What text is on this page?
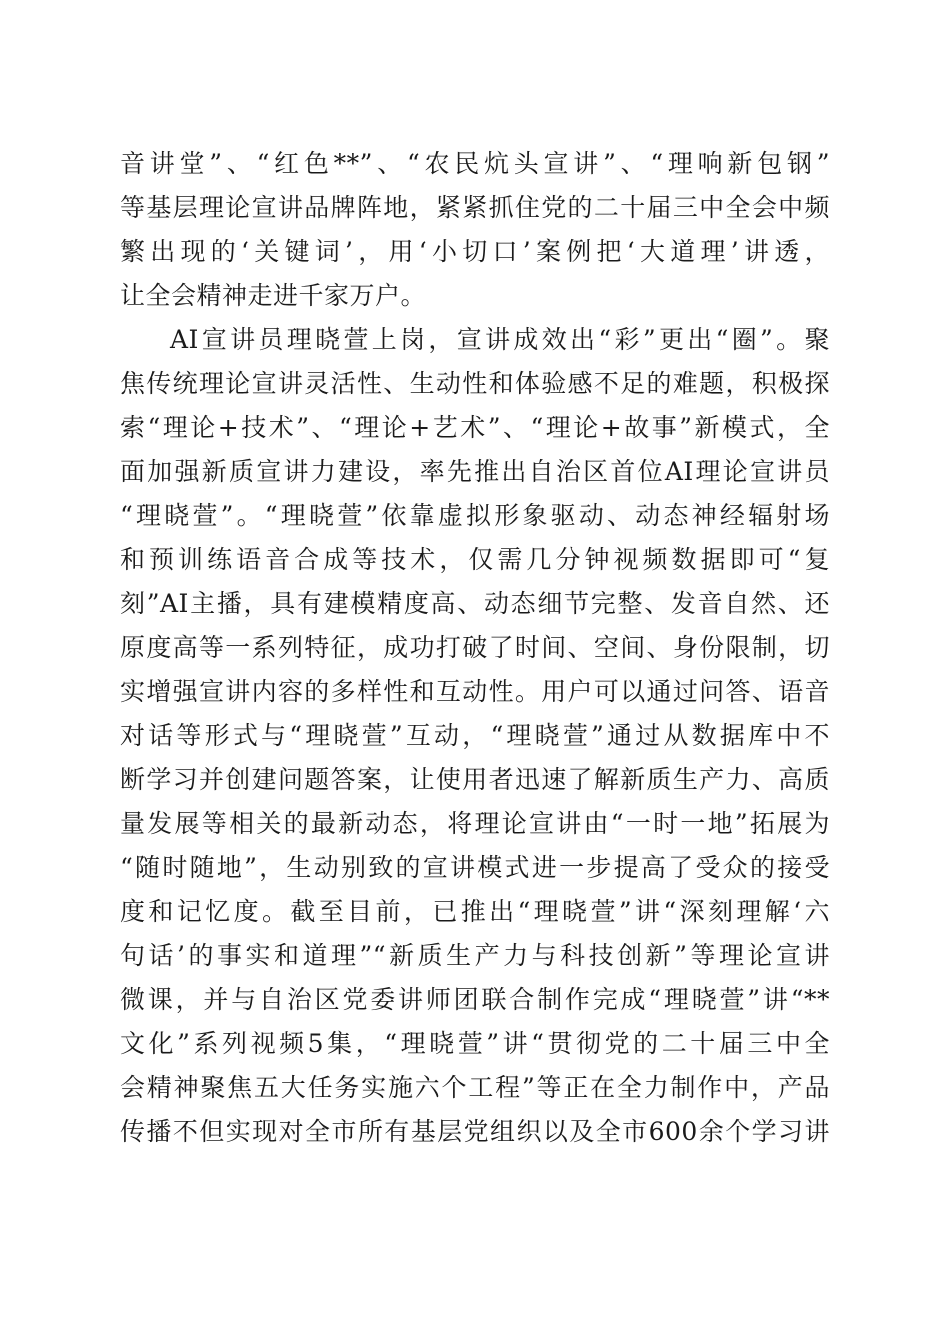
音讲堂”、“红色**”、“农民炕头宣讲”、“理响新包钢”
等基层理论宣讲品牌阵地，紧紧抓住党的二十届三中全会中频
繁出现的‘关键词’，用‘小切口’案例把‘大道理’讲透，
让全会精神走进千家万户。
AI宣讲员理晓萱上岗，宣讲成效出“彩”更出“圈”。聚
焦传统理论宣讲灵活性、生动性和体验感不足的难题，积极探
索“理论+技术”、“理论+艺术”、“理论+故事”新模式，全
面加强新质宣讲力建设，率先推出自治区首位AI理论宣讲员
“理晓萱”。“理晓萱”依靠虚拟形象驱动、动态神经辐射场
和预训练语音合成等技术，仅需几分钟视频数据即可“复
刻”AI主播，具有建模精度高、动态细节完整、发音自然、还
原度高等一系列特征，成功打破了时间、空间、身份限制，切
实增强宣讲内容的多样性和互动性。用户可以通过问答、语音
对话等形式与“理晓萱”互动，“理晓萱”通过从数据库中不
断学习并创建问题答案，让使用者迅速了解新质生产力、高质
量发展等相关的最新动态，将理论宣讲由“一时一地”拓展为
“随时随地”，生动别致的宣讲模式进一步提高了受众的接受
度和记忆度。截至目前，已推出“理晓萱”讲“深刻理解‘六
句话’的事实和道理”“新质生产力与科技创新”等理论宣讲
微课，并与自治区党委讲师团联合制作完成“理晓萱”讲“**
文化”系列视频5集，“理晓萱”讲“贯彻党的二十届三中全
会精神聚焦五大任务实施六个工程”等正在全力制作中，产品
传播不但实现对全市所有基层党组织以及全市600余个学习讲
